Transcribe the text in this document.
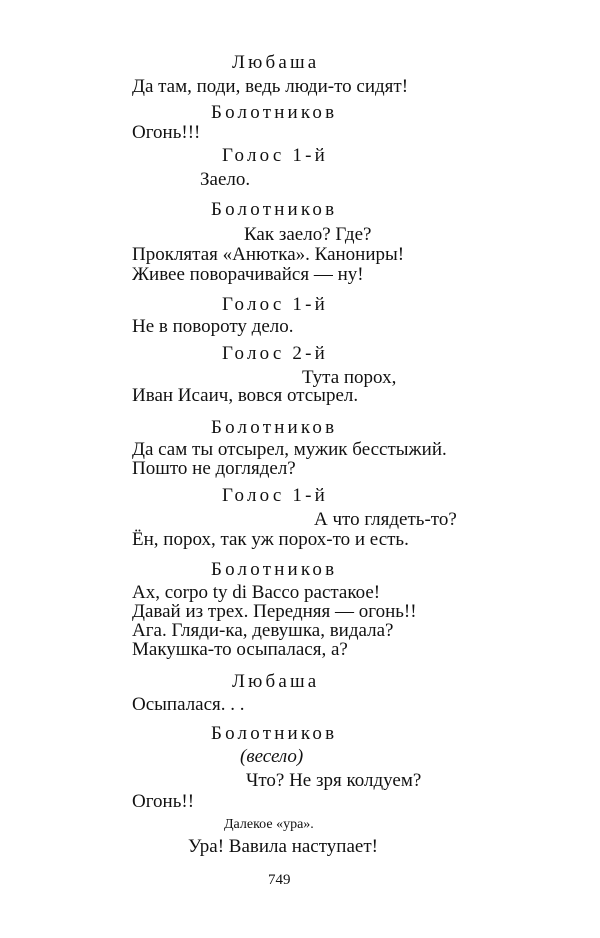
Любаша
Да там, поди, ведь люди-то сидят!
Болотников
Огонь!!!
Голос 1-й
Заело.
Болотников
Как заело? Где?
Проклятая «Анютка». Канониры!
Живее поворачивайся — ну!
Голос 1-й
Не в повороту дело.
Голос 2-й
Тута порох,
Иван Исаич, вовся отсырел.
Болотников
Да сам ты отсырел, мужик бесстыжий.
Пошто не доглядел?
Голос 1-й
А что глядеть-то?
Ён, порох, так уж порох-то и есть.
Болотников
Ах, corpo ty di Bacco растакое!
Давай из трех. Передняя — огонь!!
Ага. Гляди-ка, девушка, видала?
Макушка-то осыпалася, а?
Любаша
Осыпалася. . .
Болотников
(весело)
Что? Не зря колдуем?
Огонь!!
Далекое «ура».
Ура! Вавила наступает!
749
